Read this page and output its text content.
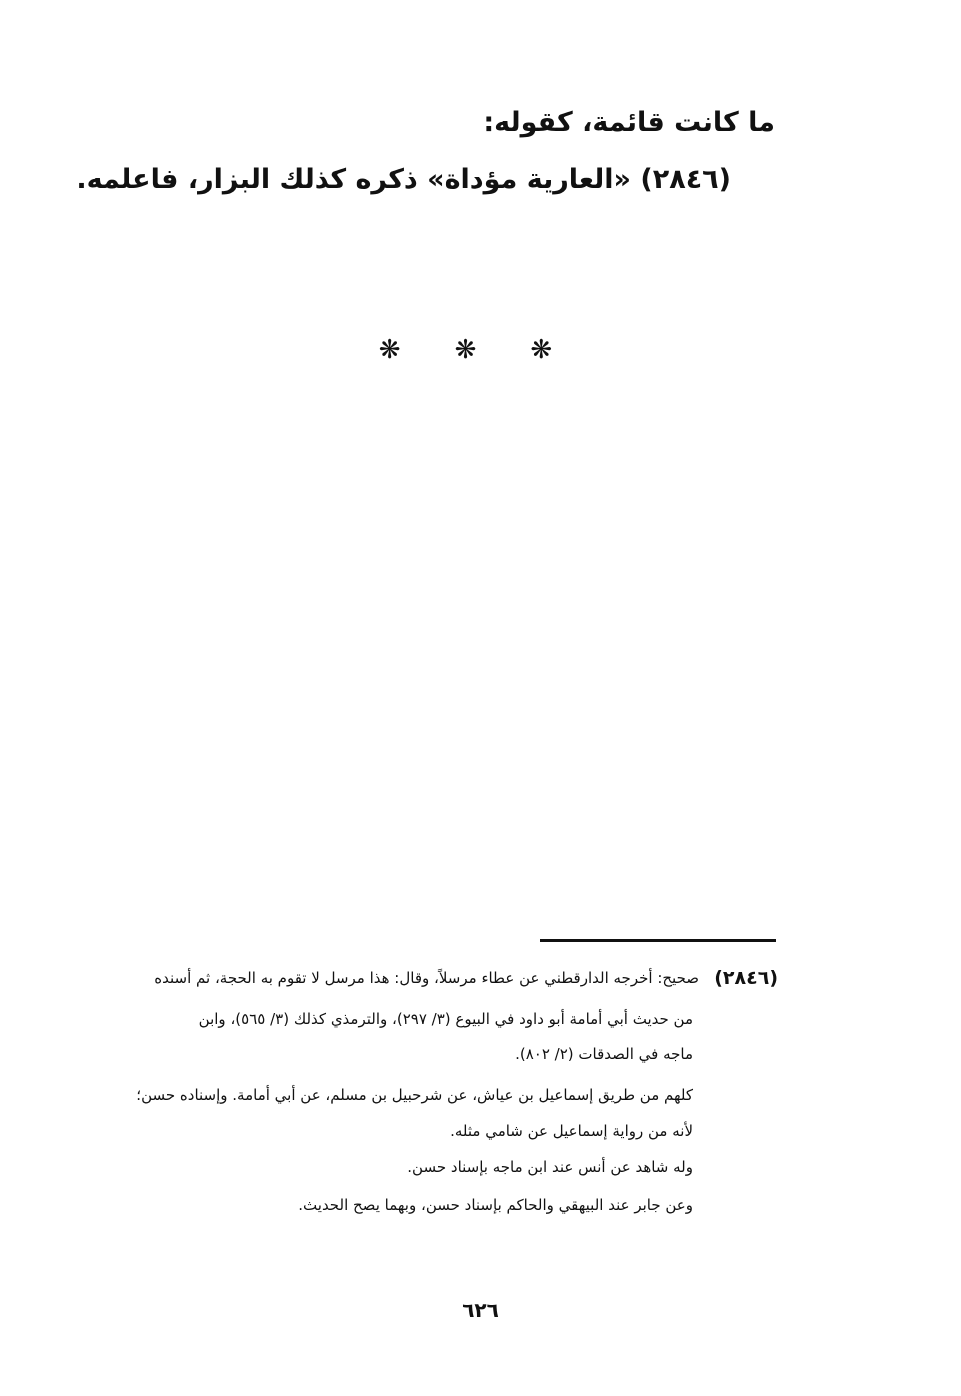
ما كانت قائمة، كقوله:
(٢٨٤٦) «العارية مؤداة» ذكره كذلك البزار، فاعلمه.
❋ ❋ ❋
(٢٨٤٦)
صحيح: أخرجه الدارقطني عن عطاء مرسلاً، وقال: هذا مرسل لا تقوم به الحجة، ثم أسنده
من حديث أبي أمامة أبو داود في البيوع (٣/ ٢٩٧)، والترمذي كذلك (٣/ ٥٦٥)، وابن
ماجه في الصدقات (٢/ ٨٠٢).
كلهم من طريق إسماعيل بن عياش، عن شرحبيل بن مسلم، عن أبي أمامة. وإسناده حسن؛
لأنه من رواية إسماعيل عن شامي مثله.
وله شاهد عن أنس عند ابن ماجه بإسناد حسن.
وعن جابر عند البيهقي والحاكم بإسناد حسن، وبهما يصح الحديث.
٦٢٦
